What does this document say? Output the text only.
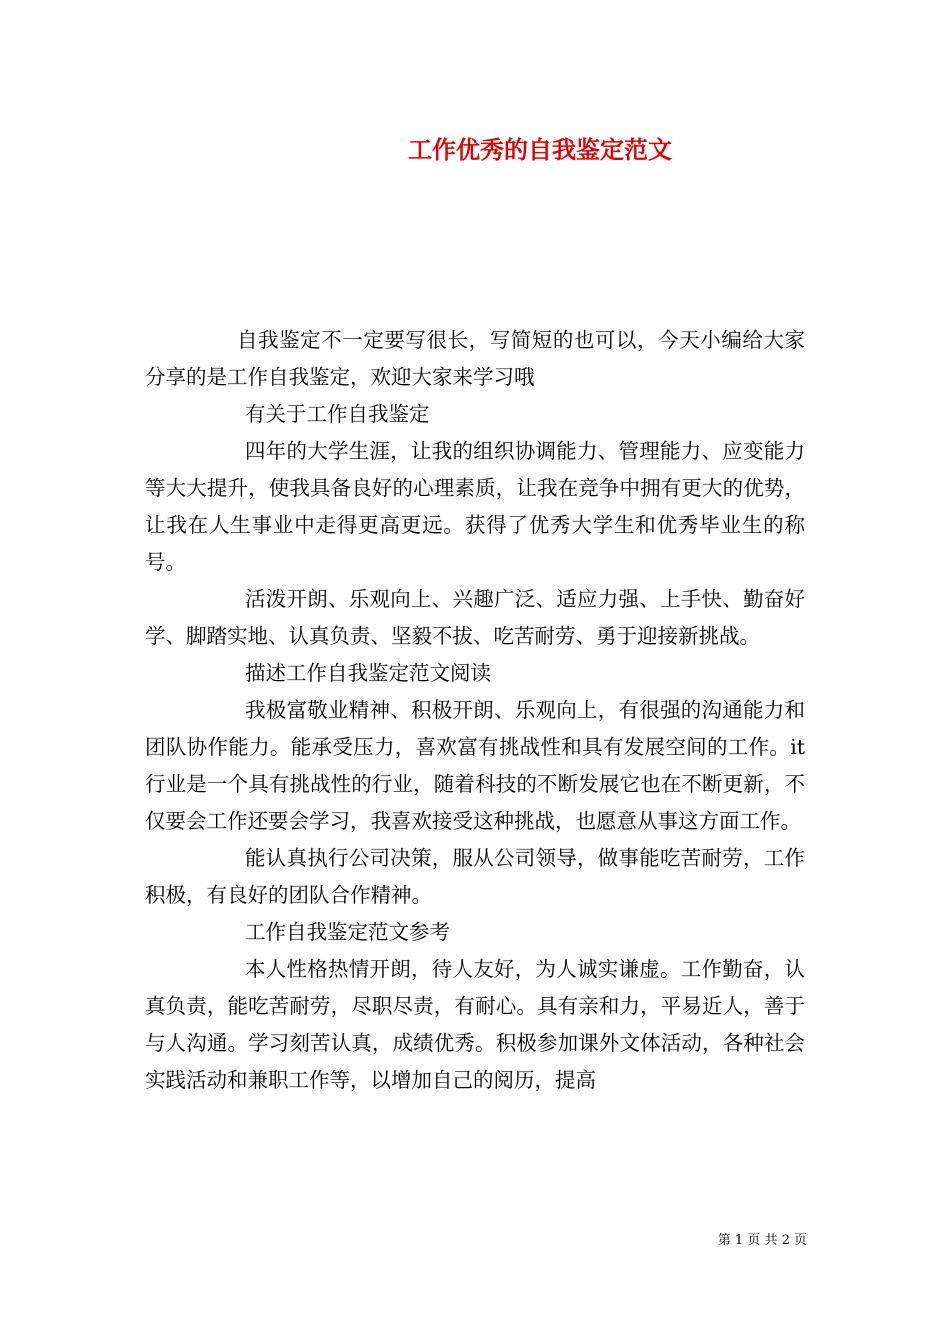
工作优秀的自我鉴定范文

自我鉴定不一定要写很长，写简短的也可以，今天小编给大家分享的是工作自我鉴定，欢迎大家来学习哦

有关于工作自我鉴定

四年的大学生涯，让我的组织协调能力、管理能力、应变能力等大大提升，使我具备良好的心理素质，让我在竞争中拥有更大的优势，让我在人生事业中走得更高更远。获得了优秀大学生和优秀毕业生的称号。

活泼开朗、乐观向上、兴趣广泛、适应力强、上手快、勤奋好学、脚踏实地、认真负责、坚毅不拔、吃苦耐劳、勇于迎接新挑战。

描述工作自我鉴定范文阅读

我极富敬业精神、积极开朗、乐观向上，有很强的沟通能力和团队协作能力。能承受压力，喜欢富有挑战性和具有发展空间的工作。it行业是一个具有挑战性的行业，随着科技的不断发展它也在不断更新，不仅要会工作还要会学习，我喜欢接受这种挑战，也愿意从事这方面工作。

能认真执行公司决策，服从公司领导，做事能吃苦耐劳，工作积极，有良好的团队合作精神。

工作自我鉴定范文参考

本人性格热情开朗，待人友好，为人诚实谦虚。工作勤奋，认真负责，能吃苦耐劳，尽职尽责，有耐心。具有亲和力，平易近人，善于与人沟通。学习刻苦认真，成绩优秀。积极参加课外文体活动，各种社会实践活动和兼职工作等，以增加自己的阅历，提高

第 1 页 共 2 页
